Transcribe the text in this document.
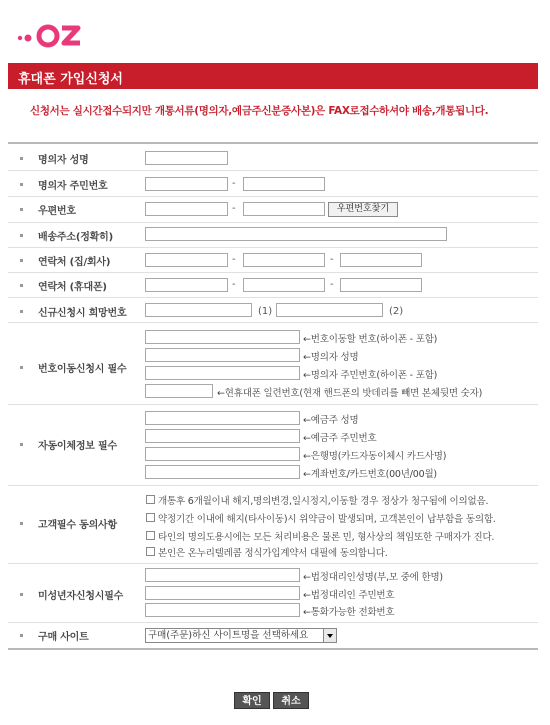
휴대폰 가입신청서
신청서는 실시간접수되지만 개통서류(명의자,예금주신분증사본)은 FAX로접수하셔야 배송,개통됩니다.
명의자 성명
명의자 주민번호	-
우편번호	-	우편번호찾기
배송주소(정확히)
연락처 (집/회사)	-	-
연락처 (휴대폰)	-	-
신규신청시 희망번호	(1)	(2)
번호이동신청시 필수
←번호이동할 번호(하이폰 - 포함)
←명의자 성명
←명의자 주민번호(하이폰 - 포함)
←현휴대폰 일련번호(현재 핸드폰의 밧데리를 빼면 본체뒷면 숫자)
자동이체정보 필수
←예금주 성명
←예금주 주민번호
←은행명(카드자동이체시 카드사명)
←계좌번호/카드번호(00년/00월)
고객필수 동의사항
개통후 6개월이내 해지,명의변경,일시정지,이동할 경우 정상가 청구됨에 이의없음.
약정기간 이내에 해지(타사이동)시 위약금이 발생되며, 고객본인이 납부함을 동의함.
타인의 명의도용시에는 모든 처리비용은 물론 민, 형사상의 책임또한 구매자가 진다.
본인은 온누리텔레콤 정식가입계약서 대필에 동의합니다.
미성년자신청시필수
←법정대리인성명(부,모 중에 한명)
←법정대리인 주민번호
←통화가능한 전화번호
구매 사이트	구매(주문)하신 사이트명을 선택하세요
확인	취소
